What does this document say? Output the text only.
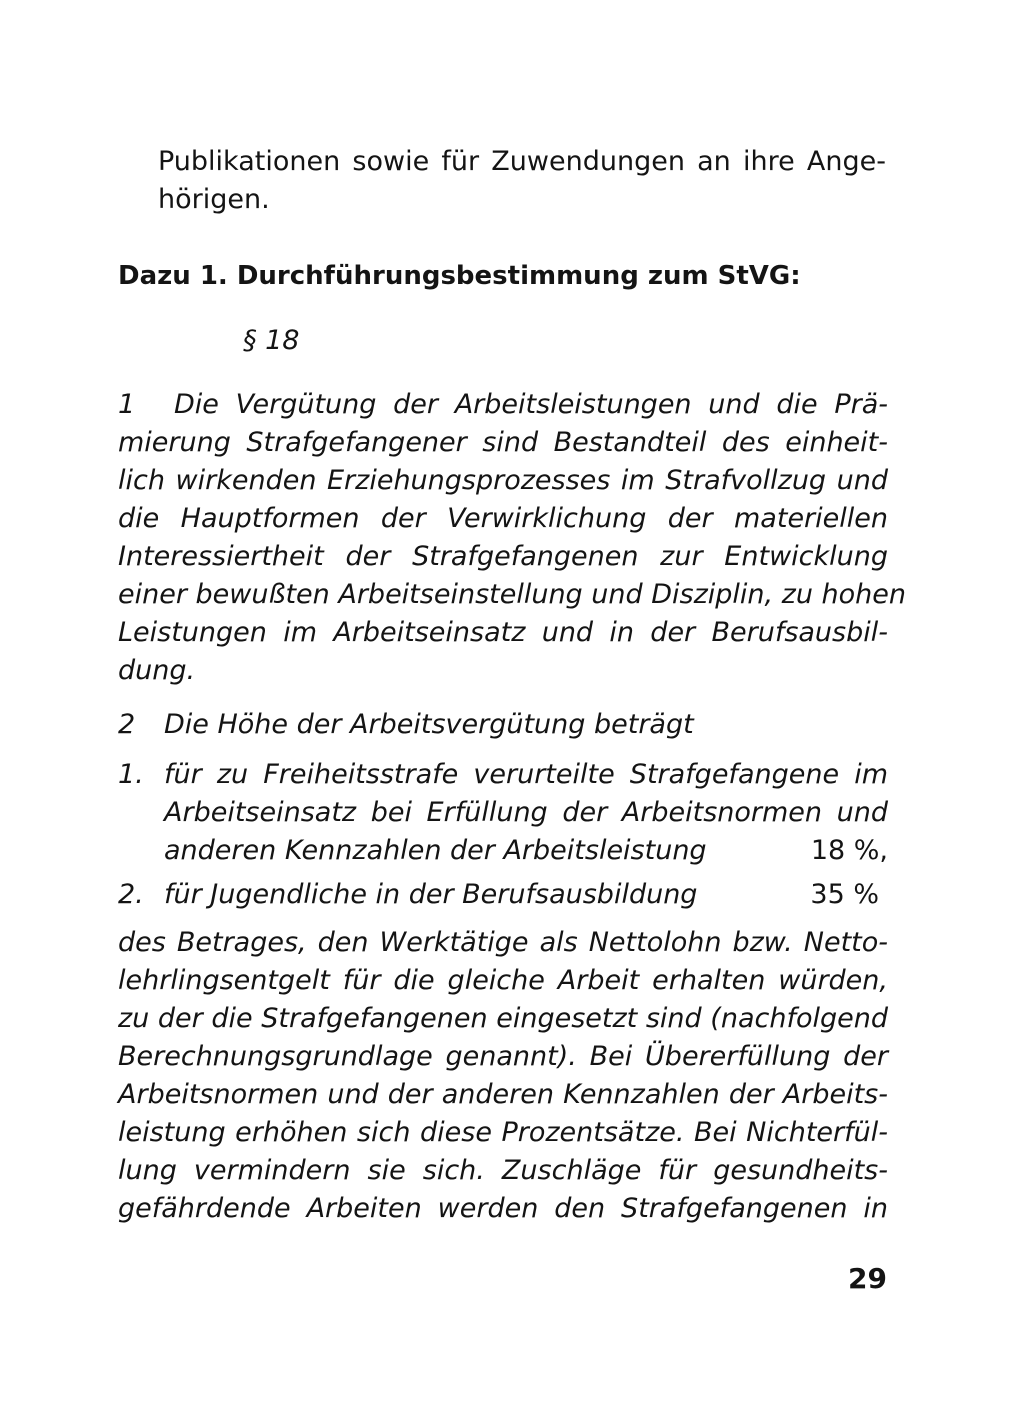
Publikationen sowie für Zuwendungen an ihre Ange-
hörigen.
Dazu 1. Durchführungsbestimmung zum StVG:
§ 18
1	Die Vergütung der Arbeitsleistungen und die Prä-
mierung Strafgefangener sind Bestandteil des einheit-
lich wirkenden Erziehungsprozesses im Strafvollzug und
die Hauptformen der Verwirklichung der materiellen
Interessiertheit der Strafgefangenen zur Entwicklung
einer bewußten Arbeitseinstellung und Disziplin, zu hohen
Leistungen im Arbeitseinsatz und in der Berufsausbil-
dung.
2	Die Höhe der Arbeitsvergütung beträgt
1. für zu Freiheitsstrafe verurteilte Strafgefangene im
Arbeitseinsatz bei Erfüllung der Arbeitsnormen und
anderen Kennzahlen der Arbeitsleistung	18 %,
2. für Jugendliche in der Berufsausbildung	35 %
des Betrages, den Werktätige als Nettolohn bzw. Netto-
lehrlingsentgelt für die gleiche Arbeit erhalten würden,
zu der die Strafgefangenen eingesetzt sind (nachfolgend
Berechnungsgrundlage genannt). Bei Übererfüllung der
Arbeitsnormen und der anderen Kennzahlen der Arbeits-
leistung erhöhen sich diese Prozentsätze. Bei Nichterfül-
lung vermindern sie sich. Zuschläge für gesundheits-
gefährdende Arbeiten werden den Strafgefangenen in
29
